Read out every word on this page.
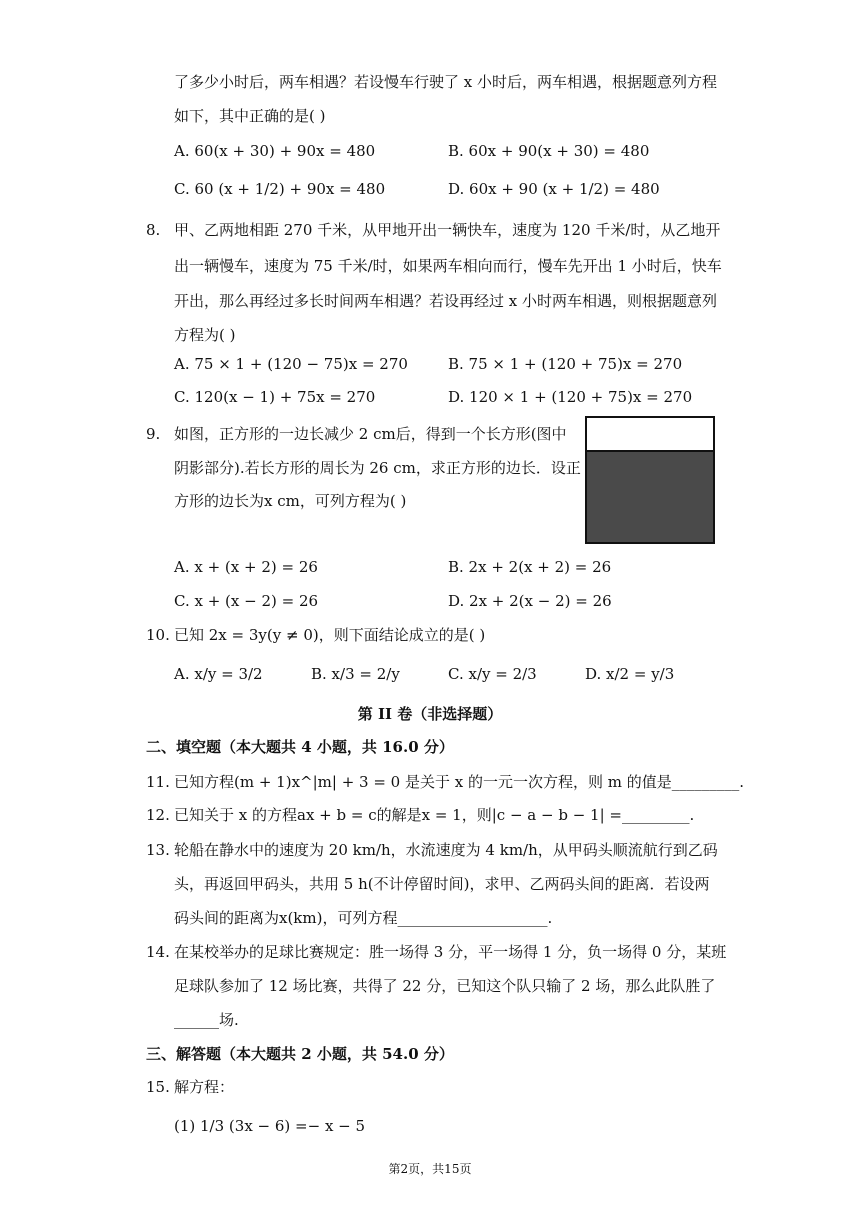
了多少小时后，两车相遇？若设慢车行驶了 x 小时后，两车相遇，根据题意列方程
如下，其中正确的是( )
A. 60(x + 30) + 90x = 480	B. 60x + 90(x + 30) = 480
C. 60 (x + 1/2) + 90x = 480	D. 60x + 90 (x + 1/2) = 480
8. 甲、乙两地相距 270 千米，从甲地开出一辆快车，速度为 120 千米/时，从乙地开
出一辆慢车，速度为 75 千米/时，如果两车相向而行，慢车先开出 1 小时后，快车
开出，那么再经过多长时间两车相遇？若设再经过 x 小时两车相遇，则根据题意列
方程为( )
A. 75 × 1 + (120 − 75)x = 270	B. 75 × 1 + (120 + 75)x = 270
C. 120(x − 1) + 75x = 270	D. 120 × 1 + (120 + 75)x = 270
9. 如图，正方形的一边长减少 2 cm后，得到一个长方形(图中
阴影部分).若长方形的周长为 26 cm，求正方形的边长．设正
方形的边长为x cm，可列方程为( )
A. x + (x + 2) = 26	B. 2x + 2(x + 2) = 26
C. x + (x − 2) = 26	D. 2x + 2(x − 2) = 26
10. 已知 2x = 3y(y ≠ 0)，则下面结论成立的是( )
A. x/y = 3/2	B. x/3 = 2/y	C. x/y = 2/3	D. x/2 = y/3
第 II 卷（非选择题）
二、填空题（本大题共 4 小题，共 16.0 分）
11. 已知方程(m + 1)x^|m| + 3 = 0 是关于 x 的一元一次方程，则 m 的值是_________.
12. 已知关于 x 的方程ax + b = c的解是x = 1，则|c − a − b − 1| =_________.
13. 轮船在静水中的速度为 20 km/h，水流速度为 4 km/h，从甲码头顺流航行到乙码
头，再返回甲码头，共用 5 h(不计停留时间)，求甲、乙两码头间的距离．若设两
码头间的距离为x(km)，可列方程____________________.
14. 在某校举办的足球比赛规定：胜一场得 3 分，平一场得 1 分，负一场得 0 分，某班
足球队参加了 12 场比赛，共得了 22 分，已知这个队只输了 2 场，那么此队胜了
______场.
三、解答题（本大题共 2 小题，共 54.0 分）
15. 解方程：
(1) 1/3 (3x − 6) =− x − 5
第2页，共15页
